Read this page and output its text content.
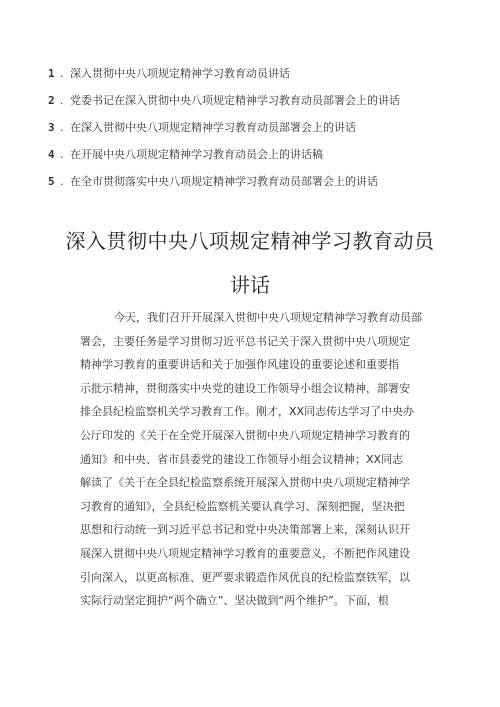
1 . 深入贯彻中央八项规定精神学习教育动员讲话
2 . 党委书记在深入贯彻中央八项规定精神学习教育动员部署会上的讲话
3 . 在深入贯彻中央八项规定精神学习教育动员部署会上的讲话
4 . 在开展中央八项规定精神学习教育动员会上的讲话稿
5 . 在全市贯彻落实中央八项规定精神学习教育动员部署会上的讲话
深入贯彻中央八项规定精神学习教育动员
讲话
今天，我们召开开展深入贯彻中央八项规定精神学习教育动员部
署会，主要任务是学习贯彻习近平总书记关于深入贯彻中央八项规定
精神学习教育的重要讲话和关于加强作风建设的重要论述和重要指
示批示精神，贯彻落实中央党的建设工作领导小组会议精神，部署安
排全县纪检监察机关学习教育工作。刚才，XX同志传达学习了中央办
公厅印发的《关于在全党开展深入贯彻中央八项规定精神学习教育的
通知》和中央、省市县委党的建设工作领导小组会议精神；XX同志
解读了《关于在全县纪检监察系统开展深入贯彻中央八项规定精神学
习教育的通知》，全县纪检监察机关要认真学习、深刻把握，坚决把
思想和行动统一到习近平总书记和党中央决策部署上来，深刻认识开
展深入贯彻中央八项规定精神学习教育的重要意义，不断把作风建设
引向深入，以更高标准、更严要求锻造作风优良的纪检监察铁军，以
实际行动坚定拥护“两个确立”、坚决做到“两个维护”。下面，根
